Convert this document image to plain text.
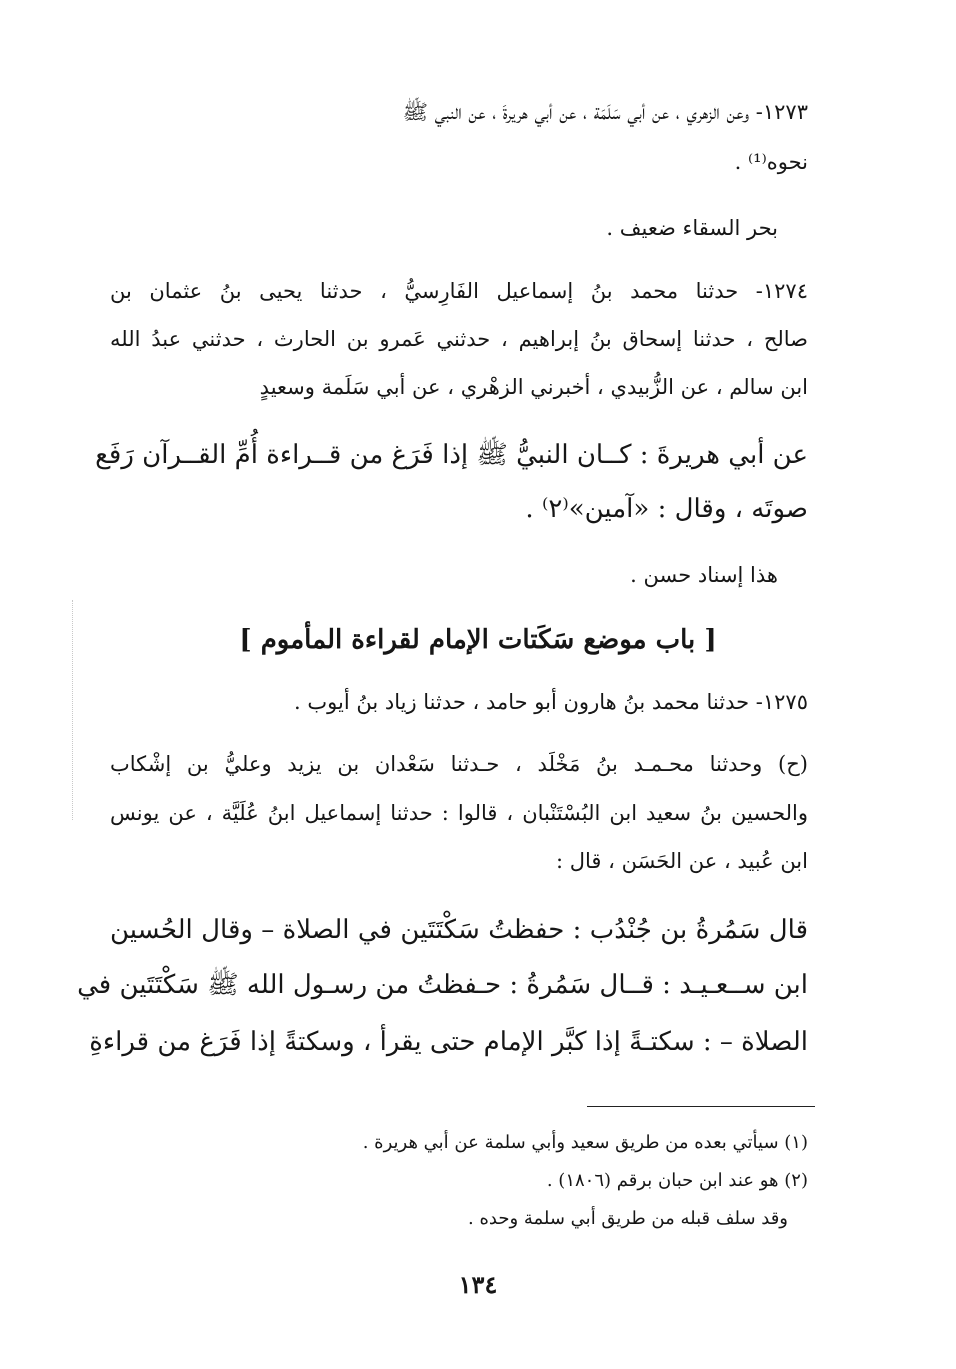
١٢٧٣- وعن الزهري ، عن أبي سَلَمَة ، عن أبي هريرةَ ، عن النبي ﷺ
نحوه⁽¹⁾ .
بحر السقاء ضعيف .
١٢٧٤- حدثنا محمد بنُ إسماعيل الفَارِسيُّ ، حدثنا يحيى بنُ عثمان بن
صالح ، حدثنا إسحاق بنُ إبراهيم ، حدثني عَمرو بن الحارث ، حدثني عبدُ الله
ابن سالم ، عن الزُّبيدي ، أخبرني الزهْري ، عن أبي سَلَمة وسعيدٍ
عن أبي هريرةَ : كــان النبيُّ ﷺ إذا فَرَغ من قــراءة أُمِّ القــرآن رَفَع
صوتَه ، وقال : «آمين»⁽٢⁾ .
هذا إسناد حسن .
[ باب موضع سَكَتات الإمام لقراءة المأموم ]
١٢٧٥- حدثنا محمد بنُ هارون أبو حامد ، حدثنا زياد بنُ أيوب .
(ح) وحدثنا محـمـد بنُ مَخْلَد ، حـدثنا سَعْدان بن يزيد وعليُّ بن إشْكاب
والحسين بنُ سعيد ابن البُسْتَنْبان ، قالوا : حدثنا إسماعيل ابنُ عُلَيَّة ، عن يونس
ابن عُبيد ، عن الحَسَن ، قال :
قال سَمُرةُ بن جُنْدُب : حفظتُ سَكْتَتَين في الصلاة – وقال الحُسين
ابن ســعـيـد : قــال سَمُرةُ : حـفظتُ من رسـول الله ﷺ سَكْتَتَين في
الصلاة – : سكتـةً إذا كبَّر الإمام حتى يقرأ ، وسكتةً إذا فَرَغ من قراءةِ
(١) سيأتي بعده من طريق سعيد وأبي سلمة عن أبي هريرة .
(٢) هو عند ابن حبان برقم (١٨٠٦) .
وقد سلف قبله من طريق أبي سلمة وحده .
١٣٤
